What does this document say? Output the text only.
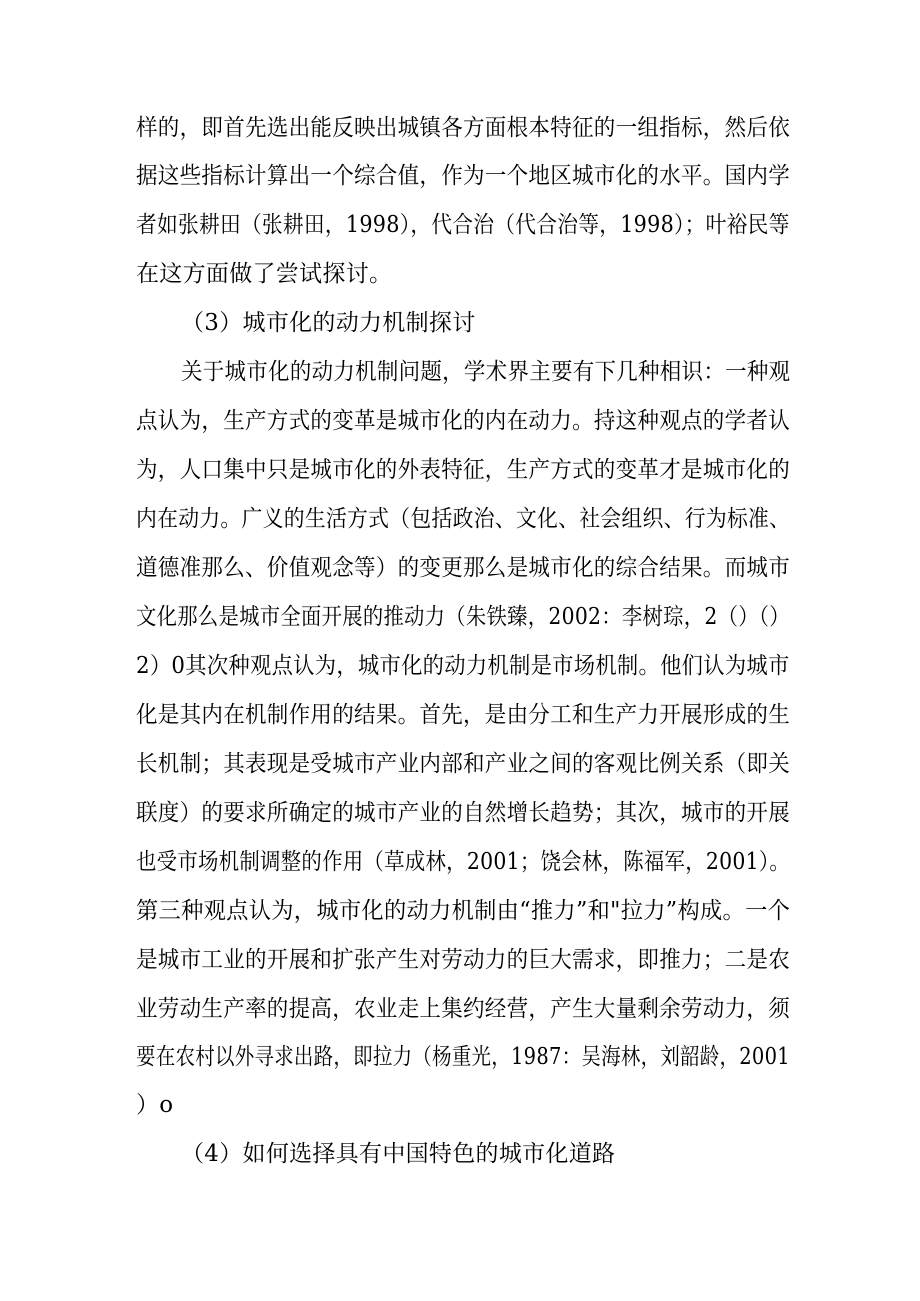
样的，即首先选出能反映出城镇各方面根本特征的一组指标，然后依
据这些指标计算出一个综合值，作为一个地区城市化的水平。国内学
者如张耕田（张耕田，1998），代合治（代合治等，1998）；叶裕民等
在这方面做了尝试探讨。
（3）城市化的动力机制探讨
关于城市化的动力机制问题，学术界主要有下几种相识：一种观
点认为，生产方式的变革是城市化的内在动力。持这种观点的学者认
为，人口集中只是城市化的外表特征，生产方式的变革才是城市化的
内在动力。广义的生活方式（包括政治、文化、社会组织、行为标准、
道德准那么、价值观念等）的变更那么是城市化的综合结果。而城市
文化那么是城市全面开展的推动力（朱铁臻，2002：李树琮，2（）（）
2）0其次种观点认为，城市化的动力机制是市场机制。他们认为城市
化是其内在机制作用的结果。首先，是由分工和生产力开展形成的生
长机制；其表现是受城市产业内部和产业之间的客观比例关系（即关
联度）的要求所确定的城市产业的自然增长趋势；其次，城市的开展
也受市场机制调整的作用（草成林，2001；饶会林，陈福军，2001）。
第三种观点认为，城市化的动力机制由“推力”和"拉力”构成。一个
是城市工业的开展和扩张产生对劳动力的巨大需求，即推力；二是农
业劳动生产率的提高，农业走上集约经营，产生大量剩余劳动力，须
要在农村以外寻求出路，即拉力（杨重光，1987：吴海林，刘韶龄，2001
）o
（4）如何选择具有中国特色的城市化道路
